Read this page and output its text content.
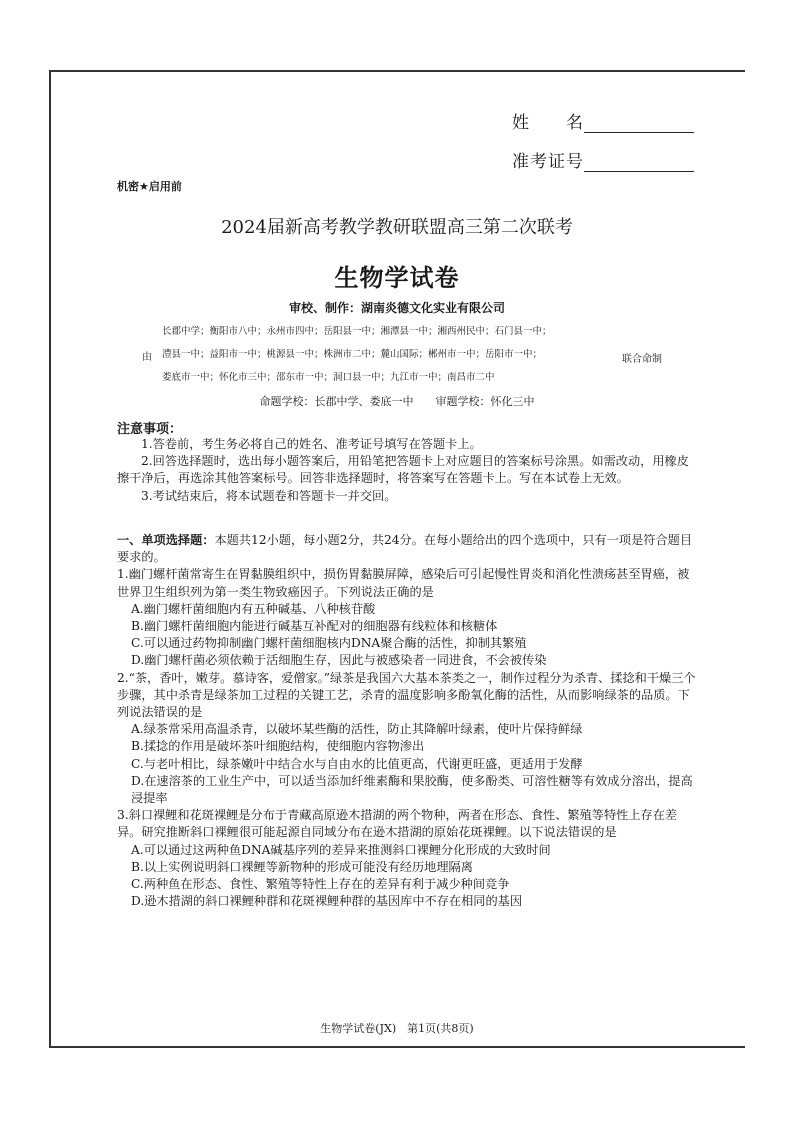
姓　　名
准考证号
机密★启用前
2024届新高考教学教研联盟高三第二次联考
生物学试卷
审校、制作：湖南炎德文化实业有限公司
长郡中学；衡阳市八中；永州市四中；岳阳县一中；湘潭县一中；湘西州民中；石门县一中；
由 澧县一中；益阳市一中；桃源县一中；株洲市二中；麓山国际；郴州市一中；岳阳市一中；	联合命制
娄底市一中；怀化市三中；邵东市一中；洞口县一中；九江市一中；南昌市二中
命题学校：长郡中学、娄底一中　　审题学校：怀化三中
注意事项：

1.答卷前，考生务必将自己的姓名、准考证号填写在答题卡上。

2.回答选择题时，选出每小题答案后，用铅笔把答题卡上对应题目的答案标号涂黑。如需改动，用橡皮擦干净后，再选涂其他答案标号。回答非选择题时，将答案写在答题卡上。写在本试卷上无效。

3.考试结束后，将本试题卷和答题卡一并交回。

一、单项选择题：本题共12小题，每小题2分，共24分。在每小题给出的四个选项中，只有一项是符合题目要求的。

1.幽门螺杆菌常寄生在胃黏膜组织中，损伤胃黏膜屏障，感染后可引起慢性胃炎和消化性溃疡甚至胃癌，被世界卫生组织列为第一类生物致癌因子。下列说法正确的是

A.幽门螺杆菌细胞内有五种碱基、八种核苷酸

B.幽门螺杆菌细胞内能进行碱基互补配对的细胞器有线粒体和核糖体

C.可以通过药物抑制幽门螺杆菌细胞核内DNA聚合酶的活性，抑制其繁殖

D.幽门螺杆菌必须依赖于活细胞生存，因此与被感染者一同进食，不会被传染

2.“茶，香叶，嫩芽。慕诗客，爱僧家。”绿茶是我国六大基本茶类之一，制作过程分为杀青、揉捻和干燥三个步骤，其中杀青是绿茶加工过程的关键工艺，杀青的温度影响多酚氧化酶的活性，从而影响绿茶的品质。下列说法错误的是

A.绿茶常采用高温杀青，以破坏某些酶的活性，防止其降解叶绿素，使叶片保持鲜绿

B.揉捻的作用是破坏茶叶细胞结构，使细胞内容物渗出

C.与老叶相比，绿茶嫩叶中结合水与自由水的比值更高，代谢更旺盛，更适用于发酵

D.在速溶茶的工业生产中，可以适当添加纤维素酶和果胶酶，使多酚类、可溶性糖等有效成分溶出，提高浸提率

3.斜口裸鲤和花斑裸鲤是分布于青藏高原逊木措湖的两个物种，两者在形态、食性、繁殖等特性上存在差异。研究推断斜口裸鲤很可能起源自同域分布在逊木措湖的原始花斑裸鲤。以下说法错误的是

A.可以通过这两种鱼DNA碱基序列的差异来推测斜口裸鲤分化形成的大致时间

B.以上实例说明斜口裸鲤等新物种的形成可能没有经历地理隔离

C.两种鱼在形态、食性、繁殖等特性上存在的差异有利于减少种间竞争

D.逊木措湖的斜口裸鲤种群和花斑裸鲤种群的基因库中不存在相同的基因

生物学试卷(JX)　第1页(共8页)
